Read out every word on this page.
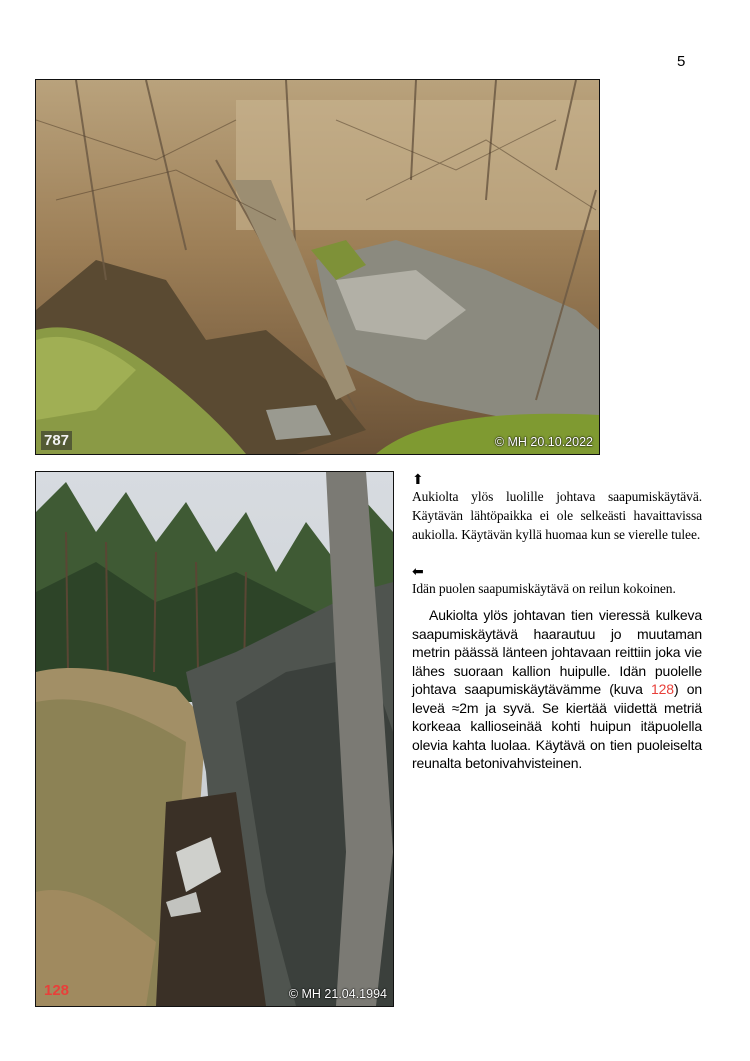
5
787	© MH 20.10.2022
128	© MH 21.04.1994
⬆

Aukiolta ylös luolille johtava saapumiskäytävä. Käytävän lähtöpaikka ei ole selkeästi havaittavissa aukiolla. Käytävän kyllä huomaa kun se vierelle tulee.

⬅

Idän puolen saapumiskäytävä on reilun kokoinen.

Aukiolta ylös johtavan tien vieressä kulkeva saapumiskäytävä haarautuu jo muutaman metrin päässä länteen johtavaan reittiin joka vie lähes suoraan kallion huipulle. Idän puolelle johtava saapumiskäytävämme (kuva 128) on leveä ≈2m ja syvä. Se kiertää viidettä metriä korkeaa kallioseinää kohti huipun itäpuolella olevia kahta luolaa. Käytävä on tien puoleiselta reunalta betonivahvisteinen.
